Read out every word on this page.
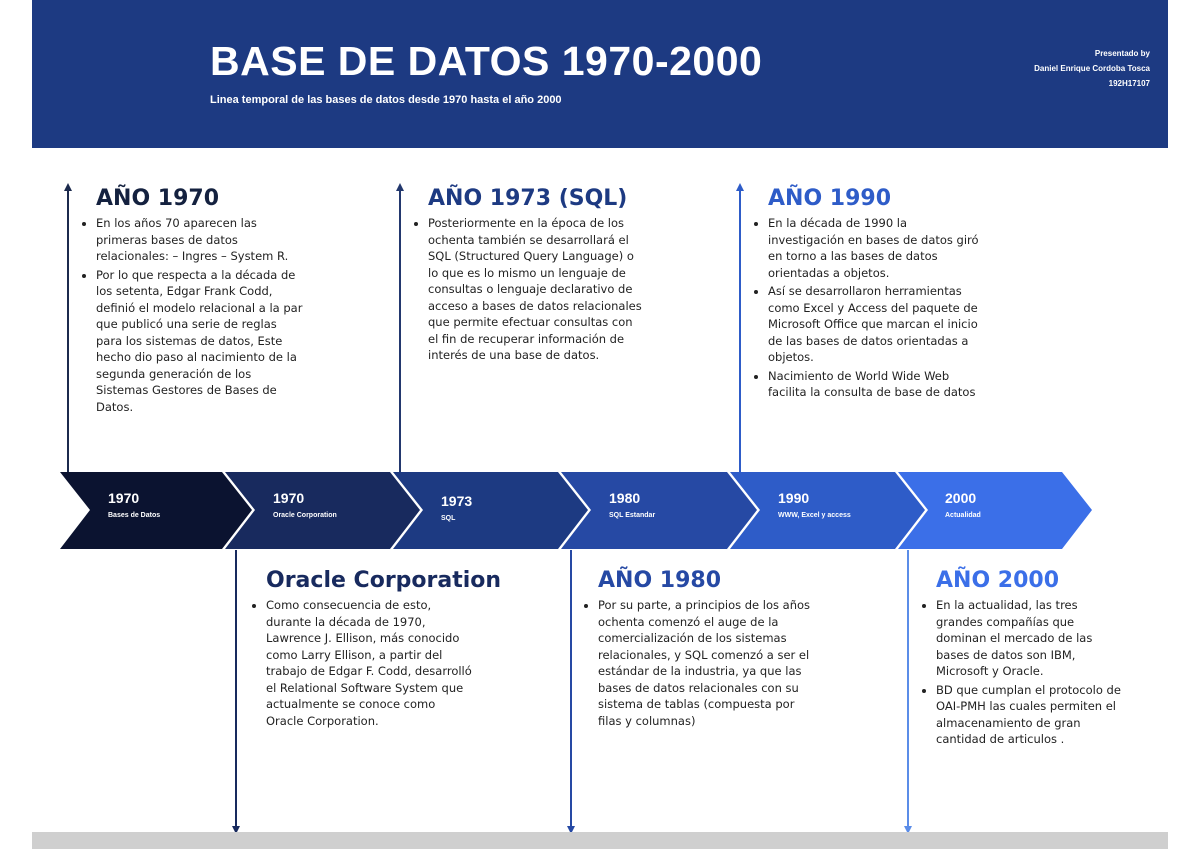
BASE DE DATOS 1970-2000
Linea temporal de las bases de datos desde 1970 hasta el año 2000
Presentado by
Daniel Enrique Cordoba Tosca
192H17107
1970
Bases de Datos
1970
Oracle Corporation
1973
SQL
1980
SQL Estandar
1990
WWW, Excel y access
2000
Actualidad
AÑO 1970
• En los años 70 aparecen las primeras bases de datos relacionales: – Ingres – System R.
• Por lo que respecta a la década de los setenta, Edgar Frank Codd, definió el modelo relacional a la par que publicó una serie de reglas para los sistemas de datos, Este hecho dio paso al nacimiento de la segunda generación de los Sistemas Gestores de Bases de Datos.
AÑO 1973 (SQL)
• Posteriormente en la época de los ochenta también se desarrollará el SQL (Structured Query Language) o lo que es lo mismo un lenguaje de consultas o lenguaje declarativo de acceso a bases de datos relacionales que permite efectuar consultas con el fin de recuperar información de interés de una base de datos.
AÑO 1990
• En la década de 1990 la investigación en bases de datos giró en torno a las bases de datos orientadas a objetos.
• Así se desarrollaron herramientas como Excel y Access del paquete de Microsoft Office que marcan el inicio de las bases de datos orientadas a objetos.
• Nacimiento de World Wide Web facilita la consulta de base de datos
Oracle Corporation
• Como consecuencia de esto, durante la década de 1970, Lawrence J. Ellison, más conocido como Larry Ellison, a partir del trabajo de Edgar F. Codd, desarrolló el Relational Software System que actualmente se conoce como Oracle Corporation.
AÑO 1980
• Por su parte, a principios de los años ochenta comenzó el auge de la comercialización de los sistemas relacionales, y SQL comenzó a ser el estándar de la industria, ya que las bases de datos relacionales con su sistema de tablas (compuesta por filas y columnas)
AÑO 2000
• En la actualidad, las tres grandes compañías que dominan el mercado de las bases de datos son IBM, Microsoft y Oracle.
• BD que cumplan el protocolo de OAI-PMH las cuales permiten el almacenamiento de gran cantidad de articulos .
